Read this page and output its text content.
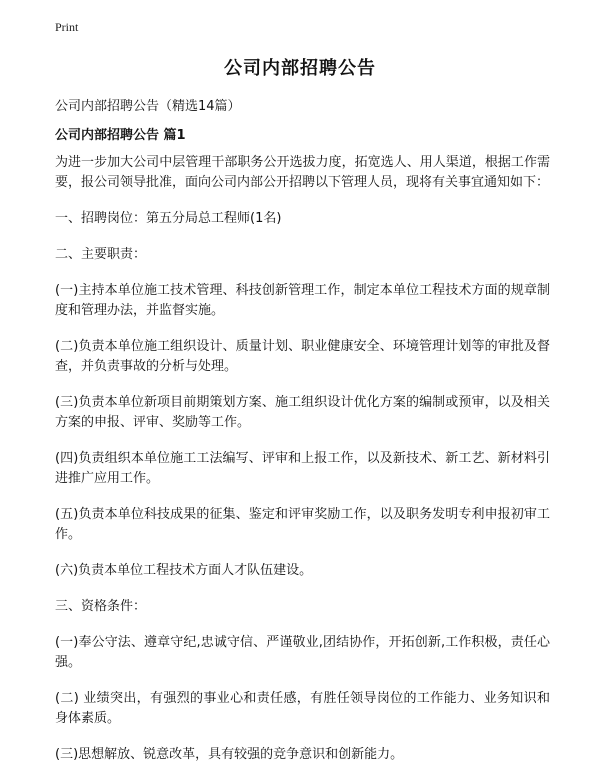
Print
公司内部招聘公告
公司内部招聘公告（精选14篇）
公司内部招聘公告 篇1

为进一步加大公司中层管理干部职务公开选拔力度，拓宽选人、用人渠道，根据工作需要，报公司领导批准，面向公司内部公开招聘以下管理人员，现将有关事宜通知如下：

一、招聘岗位：第五分局总工程师(1名)

二、主要职责：

(一)主持本单位施工技术管理、科技创新管理工作，制定本单位工程技术方面的规章制度和管理办法，并监督实施。

(二)负责本单位施工组织设计、质量计划、职业健康安全、环境管理计划等的审批及督查，并负责事故的分析与处理。

(三)负责本单位新项目前期策划方案、施工组织设计优化方案的编制或预审，以及相关方案的申报、评审、奖励等工作。

(四)负责组织本单位施工工法编写、评审和上报工作，以及新技术、新工艺、新材料引进推广应用工作。

(五)负责本单位科技成果的征集、鉴定和评审奖励工作，以及职务发明专利申报初审工作。

(六)负责本单位工程技术方面人才队伍建设。

三、资格条件：

(一)奉公守法、遵章守纪,忠诚守信、严谨敬业,团结协作，开拓创新,工作积极，责任心强。

(二) 业绩突出，有强烈的事业心和责任感，有胜任领导岗位的工作能力、业务知识和身体素质。

(三)思想解放、锐意改革，具有较强的竞争意识和创新能力。
